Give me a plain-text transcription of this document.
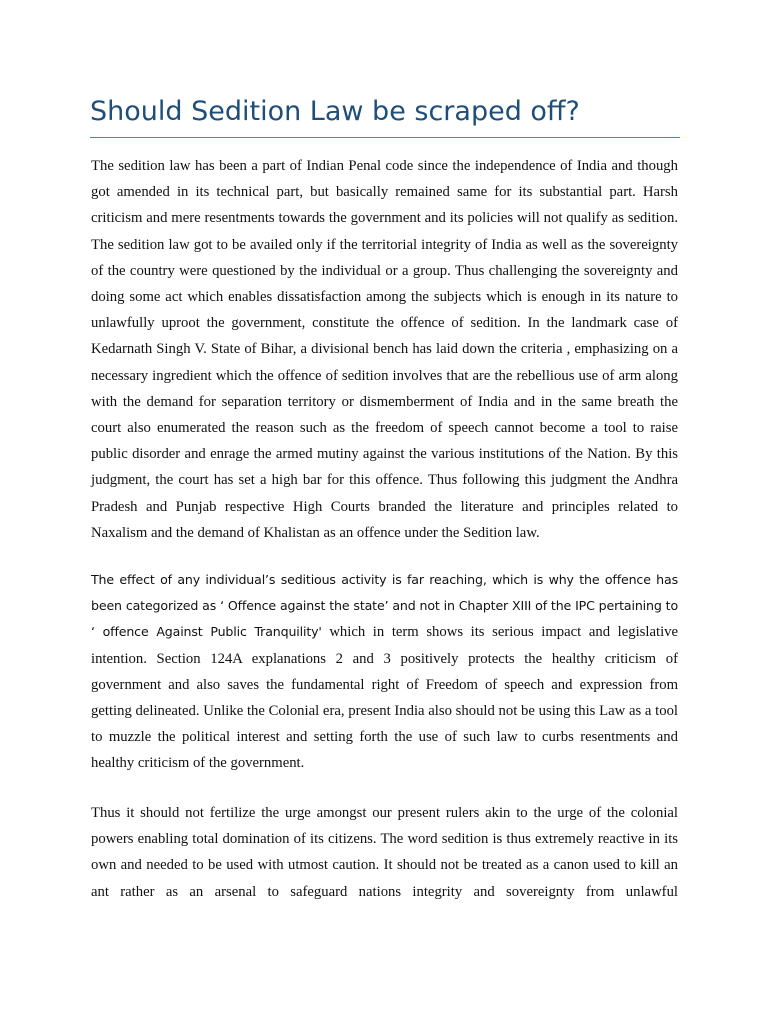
Should Sedition Law be scraped off?

The sedition law has been a part of Indian Penal code since the independence of India and though got amended in its technical part, but basically remained same for its substantial part. Harsh criticism and mere resentments towards the government and its policies will not qualify as sedition. The sedition law got to be availed only if the territorial integrity of India as well as the sovereignty of the country were questioned by the individual or a group. Thus challenging the sovereignty and doing some act which enables dissatisfaction among the subjects which is enough in its nature to unlawfully uproot the government, constitute the offence of sedition. In the landmark case of Kedarnath Singh V. State of Bihar, a divisional bench has laid down the criteria , emphasizing on a necessary ingredient which the offence of sedition involves that are the rebellious use of arm along with the demand for separation territory or dismemberment of India and in the same breath the court also enumerated the reason such as the freedom of speech cannot become a tool to raise public disorder and enrage the armed mutiny against the various institutions of the Nation. By this judgment, the court has set a high bar for this offence. Thus following this judgment the Andhra Pradesh and Punjab respective High Courts branded the literature and principles related to Naxalism and the demand of Khalistan as an offence under the Sedition law.

The effect of any individual’s seditious activity is far reaching, which is why the offence has been categorized as ‘ Offence against the state’ and not in Chapter XIII of the IPC pertaining to ‘ offence Against Public Tranquility' which in term shows its serious impact and legislative intention. Section 124A explanations 2 and 3 positively protects the healthy criticism of government and also saves the fundamental right of Freedom of speech and expression from getting delineated. Unlike the Colonial era, present India also should not be using this Law as a tool to muzzle the political interest and setting forth the use of such law to curbs resentments and healthy criticism of the government.

Thus it should not fertilize the urge amongst our present rulers akin to the urge of the colonial powers enabling total domination of its citizens. The word sedition is thus extremely reactive in its own and needed to be used with utmost caution. It should not be treated as a canon used to kill an ant rather as an arsenal to safeguard nations integrity and sovereignty from unlawful
